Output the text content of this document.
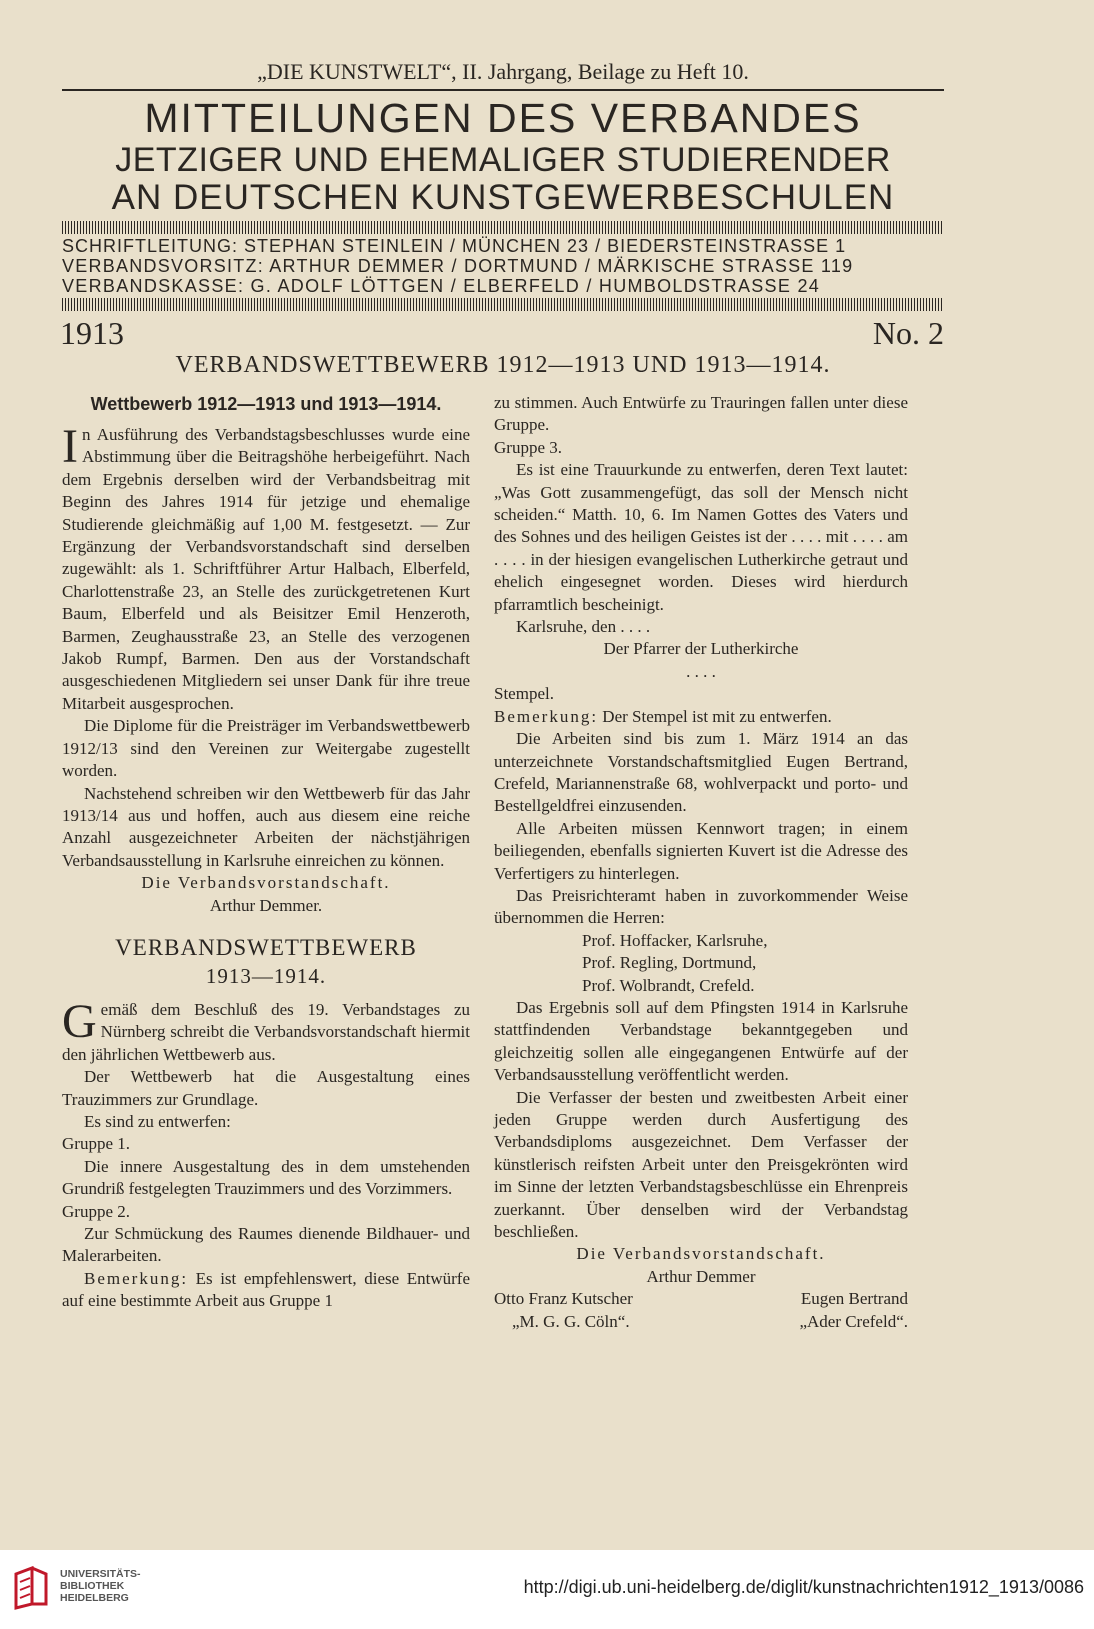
„DIE KUNSTWELT“, II. Jahrgang, Beilage zu Heft 10.
MITTEILUNGEN DES VERBANDES
JETZIGER UND EHEMALIGER STUDIERENDER
AN DEUTSCHEN KUNSTGEWERBESCHULEN
SCHRIFTLEITUNG: STEPHAN STEINLEIN / MÜNCHEN 23 / BIEDERSTEINSTRASSE 1
VERBANDSVORSITZ: ARTHUR DEMMER / DORTMUND / MÄRKISCHE STRASSE 119
VERBANDSKASSE: G. ADOLF LÖTTGEN / ELBERFELD / HUMBOLDSTRASSE 24
1913	No. 2
VERBANDSWETTBEWERB 1912—1913 UND 1913—1914.
Wettbewerb 1912—1913 und 1913—1914.

In Ausführung des Verbandstagsbeschlusses wurde eine Abstimmung über die Beitragshöhe herbeigeführt. Nach dem Ergebnis derselben wird der Verbandsbeitrag mit Beginn des Jahres 1914 für jetzige und ehemalige Studierende gleichmäßig auf 1,00 M. festgesetzt. — Zur Ergänzung der Verbandsvorstandschaft sind derselben zugewählt: als 1. Schriftführer Artur Halbach, Elberfeld, Charlottenstraße 23, an Stelle des zurückgetretenen Kurt Baum, Elberfeld und als Beisitzer Emil Henzeroth, Barmen, Zeughausstraße 23, an Stelle des verzogenen Jakob Rumpf, Barmen. Den aus der Vorstandschaft ausgeschiedenen Mitgliedern sei unser Dank für ihre treue Mitarbeit ausgesprochen.

Die Diplome für die Preisträger im Verbandswettbewerb 1912/13 sind den Vereinen zur Weitergabe zugestellt worden.

Nachstehend schreiben wir den Wettbewerb für das Jahr 1913/14 aus und hoffen, auch aus diesem eine reiche Anzahl ausgezeichneter Arbeiten der nächstjährigen Verbandsausstellung in Karlsruhe einreichen zu können.

Die Verbandsvorstandschaft.

Arthur Demmer.

VERBANDSWETTBEWERB
1913—1914.

Gemäß dem Beschluß des 19. Verbandstages zu Nürnberg schreibt die Verbandsvorstandschaft hiermit den jährlichen Wettbewerb aus.

Der Wettbewerb hat die Ausgestaltung eines Trauzimmers zur Grundlage.

Es sind zu entwerfen:

Gruppe 1.

Die innere Ausgestaltung des in dem umstehenden Grundriß festgelegten Trauzimmers und des Vorzimmers.

Gruppe 2.

Zur Schmückung des Raumes dienende Bildhauer- und Malerarbeiten.

Bemerkung: Es ist empfehlenswert, diese Entwürfe auf eine bestimmte Arbeit aus Gruppe 1

zu stimmen. Auch Entwürfe zu Trauringen fallen unter diese Gruppe.

Gruppe 3.

Es ist eine Trauurkunde zu entwerfen, deren Text lautet: „Was Gott zusammengefügt, das soll der Mensch nicht scheiden.“ Matth. 10, 6. Im Namen Gottes des Vaters und des Sohnes und des heiligen Geistes ist der . . . . mit . . . . am . . . . in der hiesigen evangelischen Lutherkirche getraut und ehelich eingesegnet worden. Dieses wird hierdurch pfarramtlich bescheinigt.

Karlsruhe, den . . . .

Der Pfarrer der Lutherkirche

. . . .

Stempel.

Bemerkung: Der Stempel ist mit zu entwerfen.

Die Arbeiten sind bis zum 1. März 1914 an das unterzeichnete Vorstandschaftsmitglied Eugen Bertrand, Crefeld, Mariannenstraße 68, wohlverpackt und porto- und Bestellgeldfrei einzusenden.

Alle Arbeiten müssen Kennwort tragen; in einem beiliegenden, ebenfalls signierten Kuvert ist die Adresse des Verfertigers zu hinterlegen.

Das Preisrichteramt haben in zuvorkommender Weise übernommen die Herren:

Prof. Hoffacker, Karlsruhe,

Prof. Regling, Dortmund,

Prof. Wolbrandt, Crefeld.

Das Ergebnis soll auf dem Pfingsten 1914 in Karlsruhe stattfindenden Verbandstage bekanntgegeben und gleichzeitig sollen alle eingegangenen Entwürfe auf der Verbandsausstellung veröffentlicht werden.

Die Verfasser der besten und zweitbesten Arbeit einer jeden Gruppe werden durch Ausfertigung des Verbandsdiploms ausgezeichnet. Dem Verfasser der künstlerisch reifsten Arbeit unter den Preisgekrönten wird im Sinne der letzten Verbandstagsbeschlüsse ein Ehrenpreis zuerkannt. Über denselben wird der Verbandstag beschließen.

Die Verbandsvorstandschaft.

Arthur Demmer

Otto Franz Kutscher	Eugen Bertrand
„M. G. G. Cöln“.	„Ader Crefeld“.
UNIVERSITÄTS-
BIBLIOTHEK
HEIDELBERG
http://digi.ub.uni-heidelberg.de/diglit/kunstnachrichten1912_1913/0086
